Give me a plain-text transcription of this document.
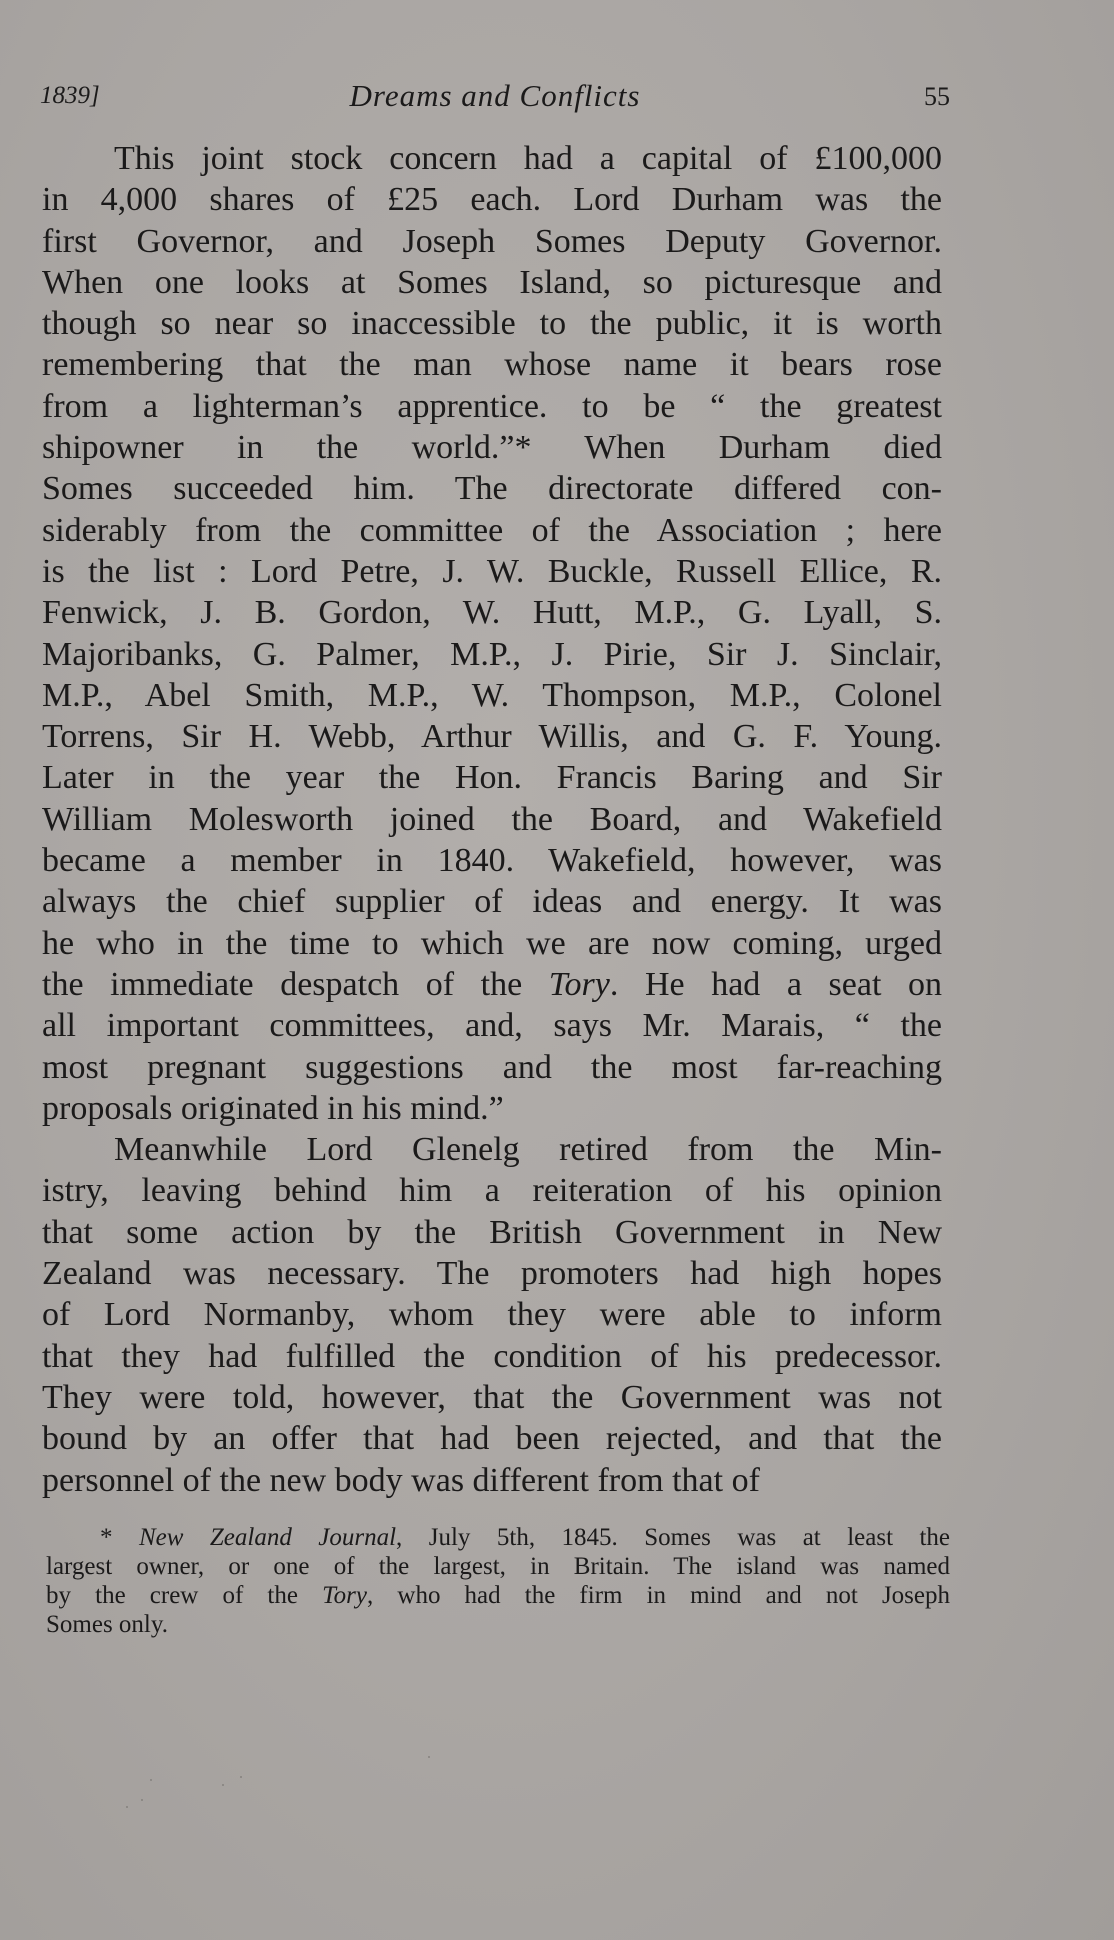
1839]	Dreams and Conflicts	55
This joint stock concern had a capital of £100,000
in 4,000 shares of £25 each. Lord Durham was the
first Governor, and Joseph Somes Deputy Governor.
When one looks at Somes Island, so picturesque and
though so near so inaccessible to the public, it is worth
remembering that the man whose name it bears rose
from a lighterman’s apprentice. to be “ the greatest
shipowner in the world.”* When Durham died
Somes succeeded him. The directorate differed con-
siderably from the committee of the Association ; here
is the list : Lord Petre, J. W. Buckle, Russell Ellice, R.
Fenwick, J. B. Gordon, W. Hutt, M.P., G. Lyall, S.
Majoribanks, G. Palmer, M.P., J. Pirie, Sir J. Sinclair,
M.P., Abel Smith, M.P., W. Thompson, M.P., Colonel
Torrens, Sir H. Webb, Arthur Willis, and G. F. Young.
Later in the year the Hon. Francis Baring and Sir
William Molesworth joined the Board, and Wakefield
became a member in 1840. Wakefield, however, was
always the chief supplier of ideas and energy. It was
he who in the time to which we are now coming, urged
the immediate despatch of the Tory. He had a seat on
all important committees, and, says Mr. Marais, “ the
most pregnant suggestions and the most far-reaching
proposals originated in his mind.”
Meanwhile Lord Glenelg retired from the Min-
istry, leaving behind him a reiteration of his opinion
that some action by the British Government in New
Zealand was necessary. The promoters had high hopes
of Lord Normanby, whom they were able to inform
that they had fulfilled the condition of his predecessor.
They were told, however, that the Government was not
bound by an offer that had been rejected, and that the
personnel of the new body was different from that of
* New Zealand Journal, July 5th, 1845. Somes was at least the
largest owner, or one of the largest, in Britain. The island was named
by the crew of the Tory, who had the firm in mind and not Joseph
Somes only.
